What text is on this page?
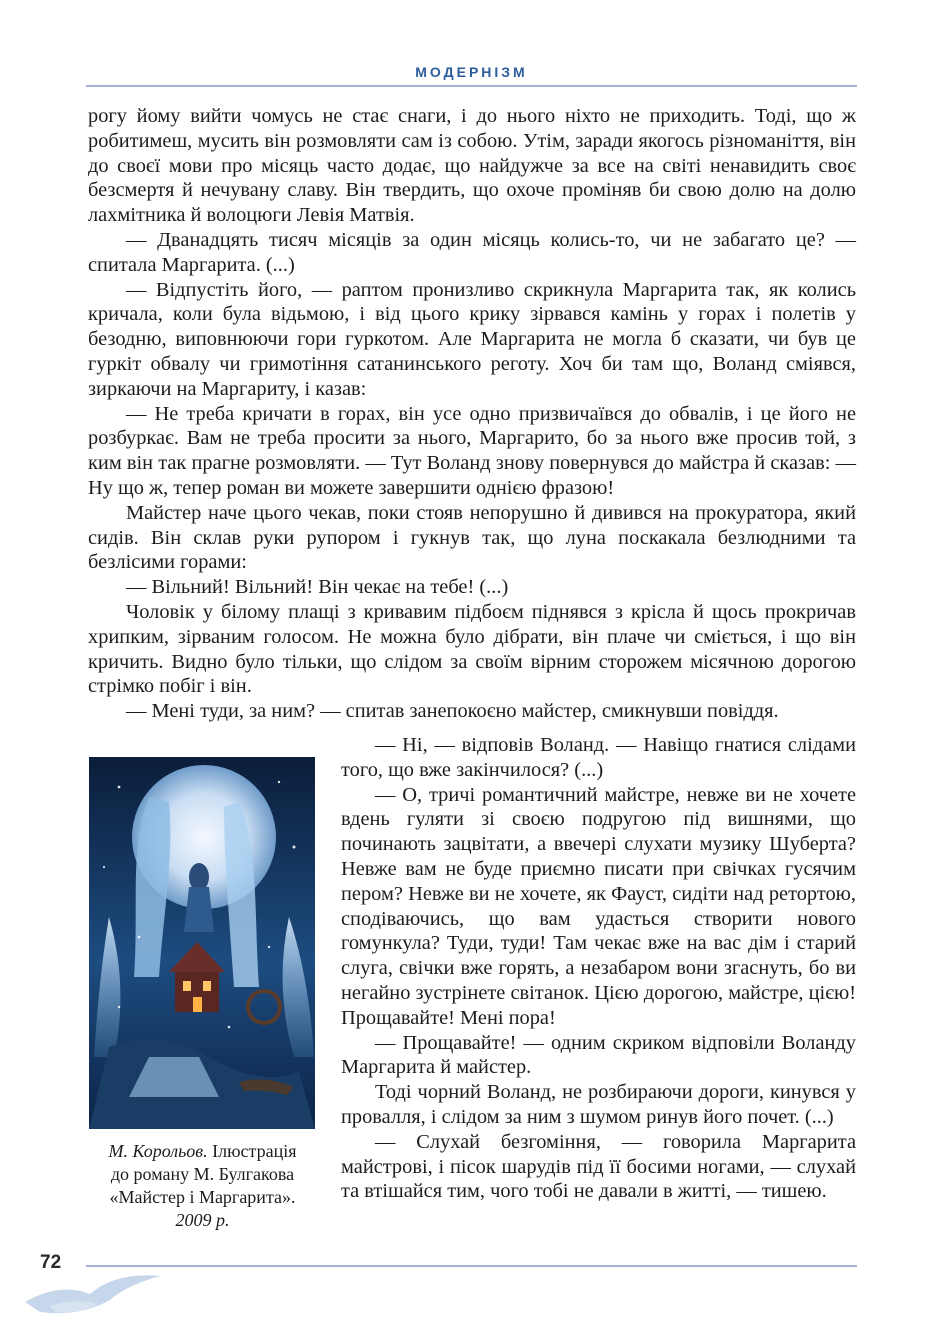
МОДЕРНІЗМ

рогу йому вийти чомусь не стає снаги, і до нього ніхто не приходить. Тоді, що ж робитимеш, мусить він розмовляти сам із собою. Утім, заради якогось різноманіття, він до своєї мови про місяць часто додає, що найдужче за все на світі ненавидить своє безсмертя й нечувану славу. Він твердить, що охоче проміняв би свою долю на долю лахмітника й волоцюги Левія Матвія.

— Дванадцять тисяч місяців за один місяць колись-то, чи не забагато це? — спитала Маргарита. (...)

— Відпустіть його, — раптом пронизливо скрикнула Маргарита так, як колись кричала, коли була відьмою, і від цього крику зірвався камінь у горах і полетів у безодню, виповнюючи гори гуркотом. Але Маргарита не могла б сказати, чи був це гуркіт обвалу чи гримотіння сатанинського реготу. Хоч би там що, Воланд сміявся, зиркаючи на Маргариту, і казав:

— Не треба кричати в горах, він усе одно призвичаївся до обвалів, і це його не розбуркає. Вам не треба просити за нього, Маргарито, бо за нього вже просив той, з ким він так прагне розмовляти. — Тут Воланд знову повернувся до майстра й сказав: — Ну що ж, тепер роман ви можете завершити однією фразою!

Майстер наче цього чекав, поки стояв непорушно й дивився на прокуратора, який сидів. Він склав руки рупором і гукнув так, що луна поскакала безлюдними та безлісими горами:

— Вільний! Вільний! Він чекає на тебе! (...)

Чоловік у білому плащі з кривавим підбоєм піднявся з крісла й щось прокричав хрипким, зірваним голосом. Не можна було дібрати, він плаче чи сміється, і що він кричить. Видно було тільки, що слідом за своїм вірним сторожем місячною дорогою стрімко побіг і він.

— Мені туди, за ним? — спитав занепокоєно майстер, смикнувши повіддя.

— Ні, — відповів Воланд. — Навіщо гнатися слідами того, що вже закінчилося? (...)

— О, тричі романтичний майстре, невже ви не хочете вдень гуляти зі своєю подругою під вишнями, що починають зацвітати, а ввечері слухати музику Шуберта? Невже вам не буде приємно писати при свічках гусячим пером? Невже ви не хочете, як Фауст, сидіти над ретортою, сподіваючись, що вам удасться створити нового гомункула? Туди, туди! Там чекає вже на вас дім і старий слуга, свічки вже горять, а незабаром вони згаснуть, бо ви негайно зустрінете світанок. Цією дорогою, майстре, цією! Прощавайте! Мені пора!

— Прощавайте! — одним скриком відповіли Воланду Маргарита й майстер.

Тоді чорний Воланд, не розбираючи дороги, кинувся у провалля, і слідом за ним з шумом ринув його почет. (...)

— Слухай безгоміння, — говорила Маргарита майстрові, і пісок шарудів під її босими ногами, — слухай та втішайся тим, чого тобі не давали в житті, — тишею.

М. Корольов. Ілюстрація
до роману М. Булгакова
«Майстер і Маргарита».
2009 р.
72
